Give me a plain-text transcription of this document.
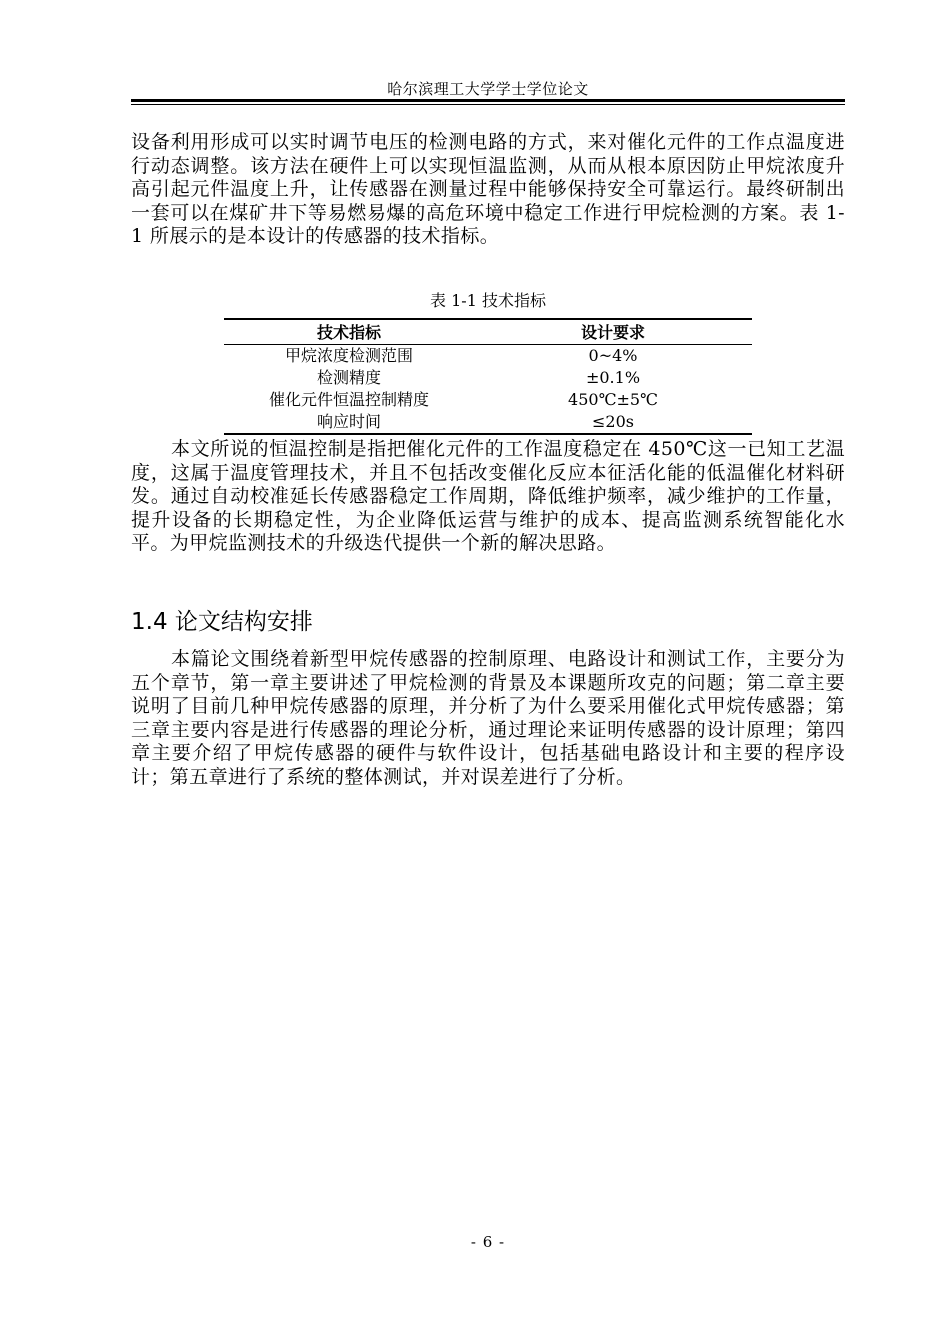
哈尔滨理工大学学士学位论文

设备利用形成可以实时调节电压的检测电路的方式，来对催化元件的工作点温度进行动态调整。该方法在硬件上可以实现恒温监测，从而从根本原因防止甲烷浓度升高引起元件温度上升，让传感器在测量过程中能够保持安全可靠运行。最终研制出一套可以在煤矿井下等易燃易爆的高危环境中稳定工作进行甲烷检测的方案。表 1-1 所展示的是本设计的传感器的技术指标。

表 1-1 技术指标
技术指标	设计要求
甲烷浓度检测范围	0~4%
检测精度	±0.1%
催化元件恒温控制精度	450℃±5℃
响应时间	≤20s

本文所说的恒温控制是指把催化元件的工作温度稳定在 450℃这一已知工艺温度，这属于温度管理技术，并且不包括改变催化反应本征活化能的低温催化材料研发。通过自动校准延长传感器稳定工作周期，降低维护频率，减少维护的工作量，提升设备的长期稳定性，为企业降低运营与维护的成本、提高监测系统智能化水平。为甲烷监测技术的升级迭代提供一个新的解决思路。

1.4 论文结构安排

本篇论文围绕着新型甲烷传感器的控制原理、电路设计和测试工作，主要分为五个章节，第一章主要讲述了甲烷检测的背景及本课题所攻克的问题；第二章主要说明了目前几种甲烷传感器的原理，并分析了为什么要采用催化式甲烷传感器；第三章主要内容是进行传感器的理论分析，通过理论来证明传感器的设计原理；第四章主要介绍了甲烷传感器的硬件与软件设计，包括基础电路设计和主要的程序设计；第五章进行了系统的整体测试，并对误差进行了分析。

- 6 -
